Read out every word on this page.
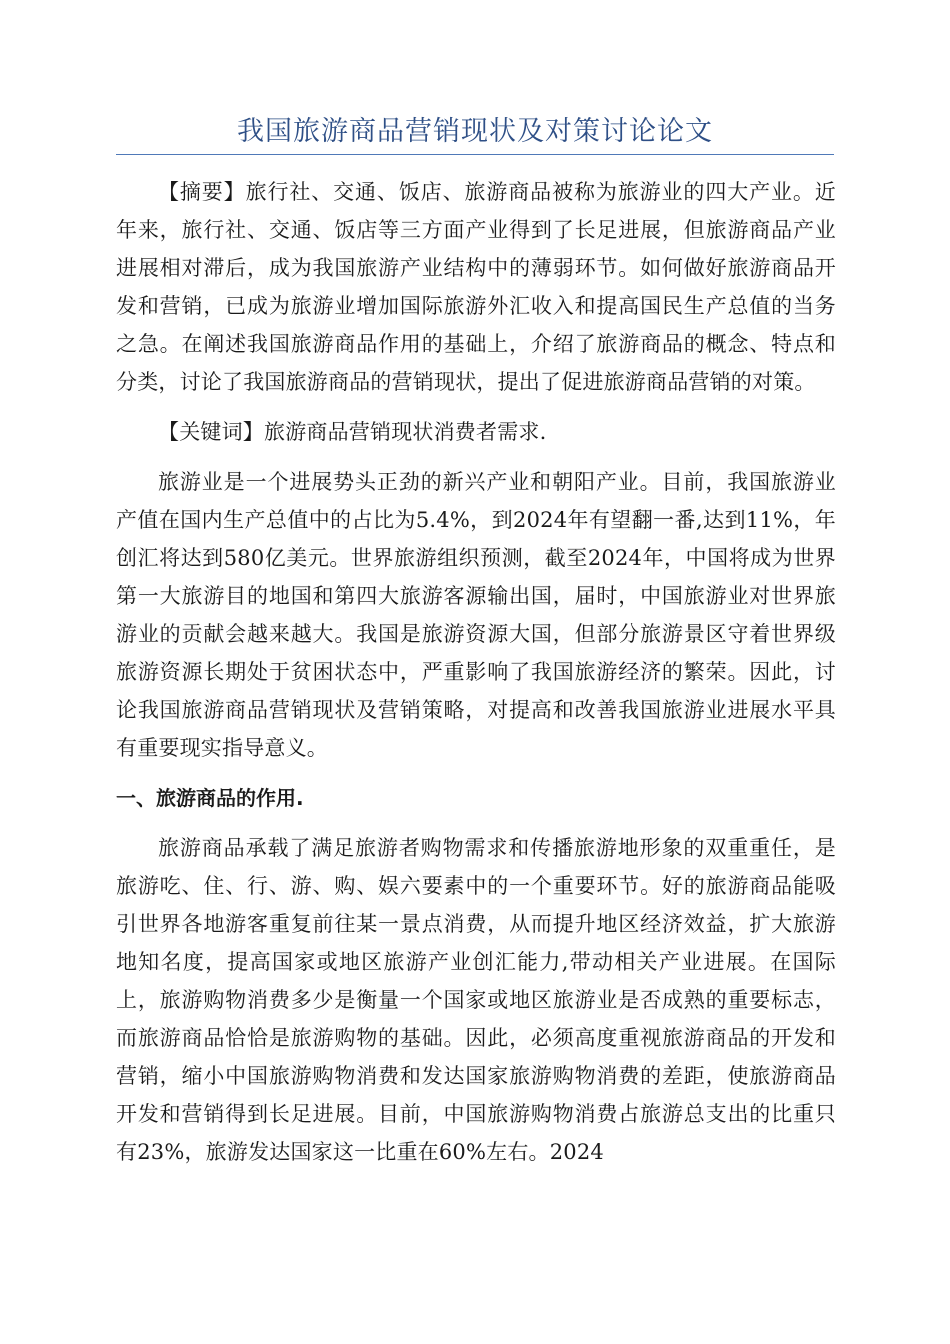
我国旅游商品营销现状及对策讨论论文

【摘要】旅行社、交通、饭店、旅游商品被称为旅游业的四大产业。近年来，旅行社、交通、饭店等三方面产业得到了长足进展，但旅游商品产业进展相对滞后，成为我国旅游产业结构中的薄弱环节。如何做好旅游商品开发和营销，已成为旅游业增加国际旅游外汇收入和提高国民生产总值的当务之急。在阐述我国旅游商品作用的基础上，介绍了旅游商品的概念、特点和分类，讨论了我国旅游商品的营销现状，提出了促进旅游商品营销的对策。

【关键词】旅游商品营销现状消费者需求.

旅游业是一个进展势头正劲的新兴产业和朝阳产业。目前，我国旅游业产值在国内生产总值中的占比为5.4%，到2024年有望翻一番,达到11%，年创汇将达到580亿美元。世界旅游组织预测，截至2024年，中国将成为世界第一大旅游目的地国和第四大旅游客源输出国，届时，中国旅游业对世界旅游业的贡献会越来越大。我国是旅游资源大国，但部分旅游景区守着世界级旅游资源长期处于贫困状态中，严重影响了我国旅游经济的繁荣。因此，讨论我国旅游商品营销现状及营销策略，对提高和改善我国旅游业进展水平具有重要现实指导意义。

一、旅游商品的作用.

旅游商品承载了满足旅游者购物需求和传播旅游地形象的双重重任，是旅游吃、住、行、游、购、娱六要素中的一个重要环节。好的旅游商品能吸引世界各地游客重复前往某一景点消费，从而提升地区经济效益，扩大旅游地知名度，提高国家或地区旅游产业创汇能力,带动相关产业进展。在国际上，旅游购物消费多少是衡量一个国家或地区旅游业是否成熟的重要标志，而旅游商品恰恰是旅游购物的基础。因此，必须高度重视旅游商品的开发和营销，缩小中国旅游购物消费和发达国家旅游购物消费的差距，使旅游商品开发和营销得到长足进展。目前，中国旅游购物消费占旅游总支出的比重只有23%，旅游发达国家这一比重在60%左右。2024
